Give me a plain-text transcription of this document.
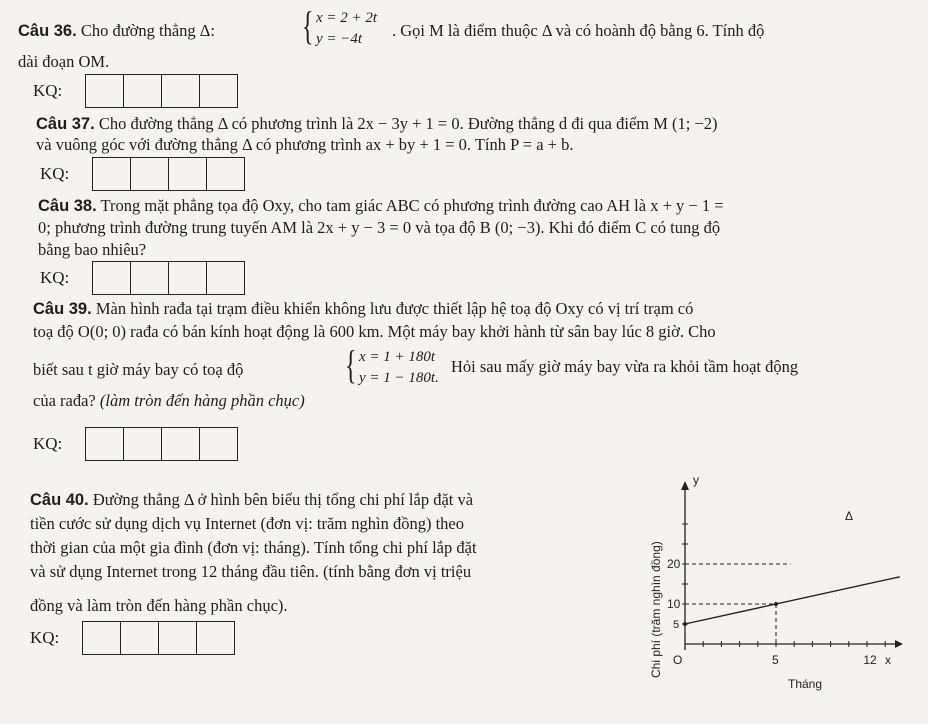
Câu 36. Cho đường thẳng Δ: { x = 2 + 2t
y = −4t . Gọi M là điểm thuộc Δ và có hoành độ bằng 6. Tính độ
dài đoạn OM.
KQ:
Câu 37. Cho đường thẳng Δ có phương trình là 2x − 3y + 1 = 0. Đường thẳng d đi qua điểm M (1; −2)
và vuông góc với đường thẳng Δ có phương trình ax + by + 1 = 0. Tính P = a + b.
KQ:
Câu 38. Trong mặt phẳng tọa độ Oxy, cho tam giác ABC có phương trình đường cao AH là x + y − 1 =
0; phương trình đường trung tuyến AM là 2x + y − 3 = 0 và tọa độ B (0; −3). Khi đó điểm C có tung độ
bằng bao nhiêu?
KQ:
Câu 39. Màn hình rađa tại trạm điều khiển không lưu được thiết lập hệ toạ độ Oxy có vị trí trạm có
toạ độ O(0; 0) rađa có bán kính hoạt động là 600 km. Một máy bay khởi hành từ sân bay lúc 8 giờ. Cho
biết sau t giờ máy bay có toạ độ	{ x = 1 + 180t
y = 1 − 180t.
Hỏi sau mấy giờ máy bay vừa ra khỏi tầm hoạt động
của rađa? (làm tròn đến hàng phần chục)
KQ:
Câu 40. Đường thẳng Δ ở hình bên biểu thị tổng chi phí lắp đặt và
tiền cước sử dụng dịch vụ Internet (đơn vị: trăm nghìn đồng) theo
thời gian của một gia đình (đơn vị: tháng). Tính tổng chi phí lắp đặt
và sử dụng Internet trong 12 tháng đầu tiên. (tính bằng đơn vị triệu
đồng và làm tròn đến hàng phần chục).
KQ:
O	5	12 x
5
10
20
y
Δ
Tháng
Chi phí (trăm nghìn đồng)
